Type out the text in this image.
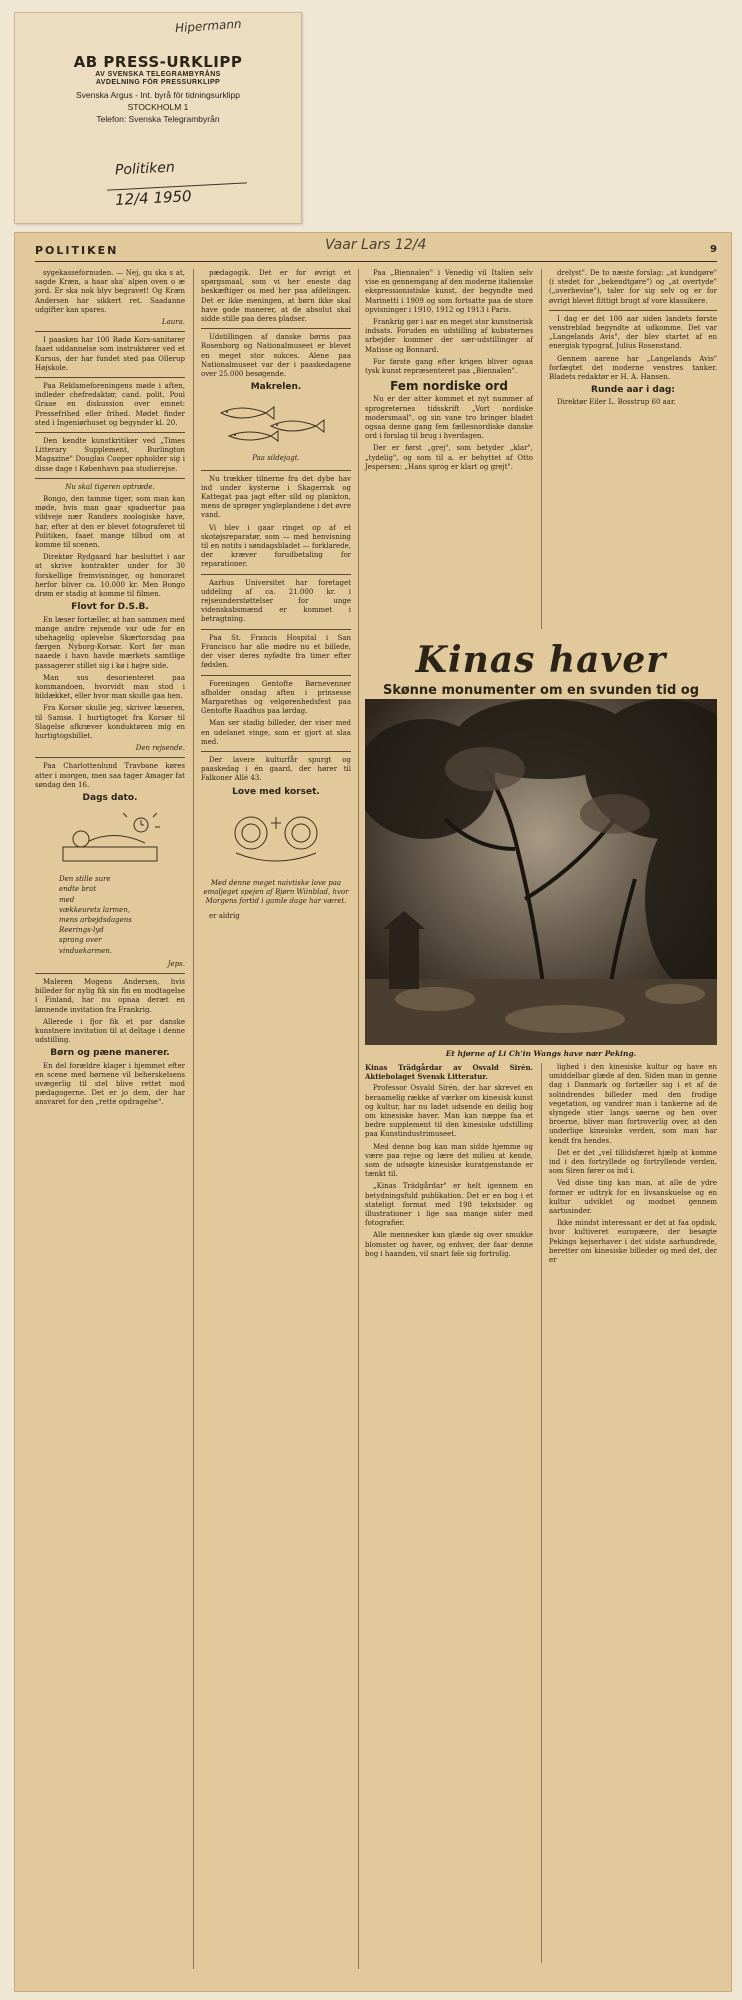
Hipermann
AB PRESS-URKLIPP
AV SVENSKA TELEGRAMBYRÅNS
AVDELNING FÖR PRESSURKLIPP
Svenska Argus - Int. byrå för tidningsurklipp
STOCKHOLM 1
Telefon: Svenska Telegrambyrån
Politiken
12/4 1950
POLITIKEN	Vaar Lars 12/4	9

sygekassefornuden. — Nej, gu ska s at, sagde Kræn, a haar ska' alpen oven o æ jord. Er ska nok blyv begravet! Og Kræn Andersen har sikkert ret. Saadanne udgifter kan spares.

Laura.

I paasken har 100 Rødø Kors-sanitører faaet uddannelse som instruktører ved et Kursus, der har fundet sted paa Ollerup Højskole.

Paa Reklameforeningens møde i aften, indleder chefredaktør, cand. polit. Poul Graae en diskussion over emnet: Pressefrihed eller frihed. Mødet finder sted i Ingeniørhuset og begynder kl. 20.

Den kendte kunstkritiker ved „Times Litterary Supplement, Burlington Magazine" Douglas Cooper opholder sig i disse dage i København paa studierejse.

Nu skal tigeren optræde.

Bongo, den tamme tiger, som man kan møde, hvis man gaar spadsertur paa vildveje nær Randers zoologiske have, har, efter at den er blevet fotograferet til Politiken, faaet mange tilbud om at komme til scenen.

Direktør Rydgaard har besluttet i aar at skrive kontrakter under for 30 forskellige fremvisninger, og honoraret herfor bliver ca. 10.000 kr. Men Bongo drøm er stadig at komme til filmen.

Flovt for D.S.B.

En læser fortæller, at han sammen med mange andre rejsende var ude for en ubehagelig oplevelse Skærtorsdag paa færgen Nyborg-Korsør. Kort før man naaede i havn havde mærkets samtlige passagerer stillet sig i kø i højre side.

Man sus desorienteret paa kommandoen, hvorvidt man stod i bildækket, eller hvor man skulle gaa hen.

Fra Korsør skulle jeg, skriver læseren, til Samsø. I hurtigtoget fra Korsør til Slagelse afkræver konduktøren mig en hurtigtogsbillet.

Den rejsende.

Paa Charlottenlund Travbane køres atter i morgen, men saa tager Amager fat søndag den 16.

Dags dato.
Den stille sure
endte brat
med
vækkeurets larmen,
mens arbejdsdagens
Reerings-lyd
sprang over
vinduekarmen.
Jeps.

Maleren Mogens Andersen, hvis billeder for nylig fik sin fin en modtagelse i Finland, har nu opnaa deræt en lønnende invitation fra Frankrig.

Allerede i fjor fik et par danske kunstnere invitation til at deltage i denne udstilling.

Børn og pæne manerer.

En del forældre klager i hjemmet efter en scene med børnene vil beherskelsens uvægerlig til stel blive rettet mod pædagogerne. Det er jo dem, der har ansvaret for den „rette opdragelse".

pædagogik. Det er for øvrigt et spørgsmaal, som vi her eneste dag beskæftiger os med her paa afdelingen. Det er ikke meningen, at børn ikke skal have gode manerer, at de absolut skal sidde stille paa deres pladser.

Udstillingen af danske børns paa Rosenborg og Nationalmuseet er blevet en meget stor sukces. Alene paa Nationalmuseet var der i paaskedagene over 25.000 besøgende.

Makrelen.
Paa sildejagt.

Nu trækker tilnerne fra det dybe hav ind under kysterne i Skagerrak og Kattegat paa jagt efter sild og plankton, mens de sprøger yngleplandene i det øvre vand.

Vi blev i gaar ringet op af et skotøjsreparatør, som — med henvisning til en notits i søndagsbladet — forklarede, der kræver forudbetaling for reparationer.

Aarhus Universitet har foretaget uddeling af ca. 21.000 kr. i rejseunderstøttelser for unge videnskabsmænd er kommet i betragtning.

Paa St. Francis Hospital i San Francisco har alle mødre nu et billede, der viser deres nyfødte fra timer efter fødslen.

Foreningen Gentofte Børnevenner afholder onsdag aften i prinsesse Margarethas og velgørenhedsfest paa Gentofte Raadhus paa lørdag.

Man ser stadig billeder, der viser med en udelanet vinge, som er gjort at slaa med.

Der lavere kulturfår spurgt og paaskedag i én gaard, der hører til Falkoner Allé 43.

Love med korset.
Med denne meget naivtiske love paa emaljeget spejen af Bjørn Wiinblad, hvor Morgens fortid i gamle dage har været.

er aldrig

Paa „Biennalen" i Venedig vil Italien selv vise en gennemgang af den moderne italienske ekspressionistiske kunst, der begyndte med Marinetti i 1909 og som fortsatte paa de store opvisninger i 1910, 1912 og 1913 i Paris.

Frankrig gør i aar en meget stor kunstnerisk indsats. Foruden en udstilling af kubisternes arbejder kommer der sær-udstillinger af Matisse og Bonnard.

For første gang efter krigen bliver ogsaa tysk kunst repræsenteret paa „Biennalen".

Fem nordiske ord

Nu er der atter kommet et nyt nummer af sprogreternes tidsskrift „Vort nordiske modersmaal", og sin vane tro bringer bladet ogsaa denne gang fem fællesnordiske danske ord i forslag til brug i hverdagen.

Der er først „grej", som betyder „klar", „tydelig", og som til a. er behyttet af Otto Jespersen: „Hans sprog er klart og grejt".

drelyst". De to næste forslag: „at kundgøre" (i stedet for „bekendtgøre") og „at overtyde" („overbevise"), taler for sig selv og er for øvrigt blevet flittigt brugt af vore klassikere.

I dag er det 100 aar siden landets første venstreblad begyndte at udkomme. Det var „Langelands Avis", der blev startet af en energisk typograf, Julius Rosenstand.

Gennem aarene har „Langelands Avis" forfægtet det moderne venstres tanker. Bladets redaktør er H. A. Hansen.

Runde aar i dag:

Direktør Eiler L. Bosstrup 60 aar.

Kinas haver
Skønne monumenter om en svunden tid og
Et hjørne af Li Ch'in Wangs have nær Peking.

Kinas Trädgårdar av Osvald Sirén. Aktiebolaget Svensk Litteratur.

Professor Osvald Sirén, der har skrevet en beraamelig række af værker om kinesisk kunst og kultur, har nu ladet udsende en deilig bog om kinesiske haver. Man kan næppe faa et bedre supplement til den kinesiske udstilling paa Kunstindustrimuseet.

Med denne bog kan man sidde hjemme og være paa rejse og lære det milieu at kende, som de udsøgte kinesiske kuratgenstande er tænkt til.

„Kinas Trädgårdar" er helt igennem en betydningsfuld publikation. Det er en bog i et stateligt format med 198 tekstsider og illustrationer i lige saa mange sider med fotografier.

Alle mennesker kan glæde sig over smukke blomster og haver, og enhver, der faar denne bog i haanden, vil snart føle sig fortrolig.

lighed i den kinesiske kultur og have en umiddelbar glæde af den. Siden man in genne dag i Danmark og fortæller sig i et af de solindrendes billeder med den frodige vegetation, og vandrer man i tankerne ad de slyngede stier langs søerne og hen over broerne, bliver man fortroverlig over, at den underlige kinesiske verden, som man har kendt fra hendes.

Det er det „vel tillidsfæret hjælp at komme ind i den fortryllede og fortryllende verden, som Siren fører os ind i.

Ved disse ting kan man, at alle de ydre former er udtryk for en livsanskuelse og en kultur udviklet og modnet gennem aartusinder.

Ikke mindst interessant er det at faa opdisk, hvor kultiveret europæere, der besøgte Pekings kejserhaver i det sidste aarhundrede, beretter om kinesiske billeder og med det, der er
